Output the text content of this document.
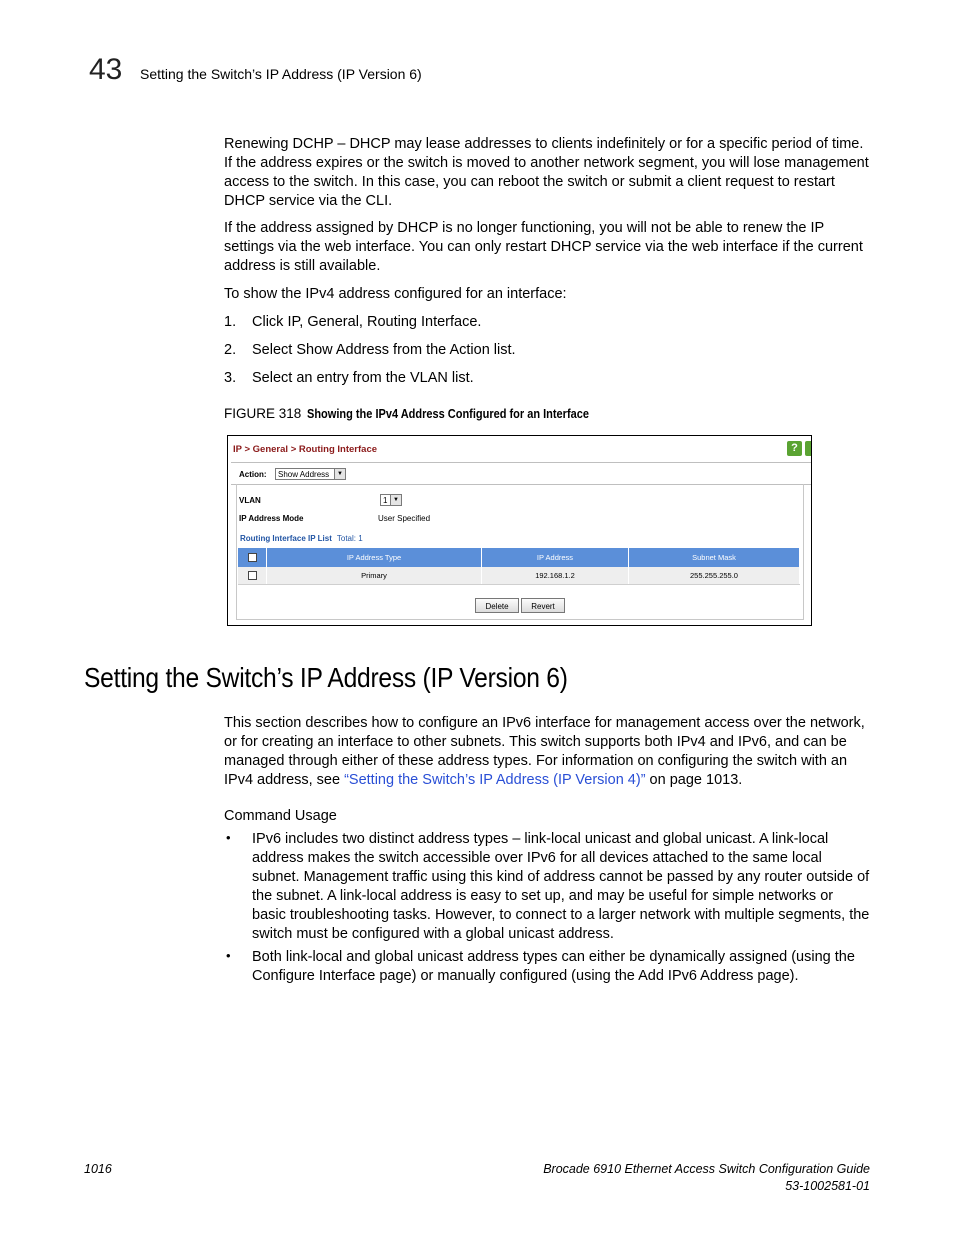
43 Setting the Switch’s IP Address (IP Version 6)

Renewing DCHP – DHCP may lease addresses to clients indefinitely or for a specific period of time. If the address expires or the switch is moved to another network segment, you will lose management access to the switch. In this case, you can reboot the switch or submit a client request to restart DHCP service via the CLI.

If the address assigned by DHCP is no longer functioning, you will not be able to renew the IP settings via the web interface. You can only restart DHCP service via the web interface if the current address is still available.

To show the IPv4 address configured for an interface:

1. Click IP, General, Routing Interface.
2. Select Show Address from the Action list.
3. Select an entry from the VLAN list.
FIGURE 318 Showing the IPv4 Address Configured for an Interface
IP > General > Routing Interface	?
Action:	Show Address	▼
VLAN	1 ▼
IP Address Mode	User Specified
Routing Interface IP List Total: 1
	IP Address Type	IP Address	Subnet Mask
	Primary	192.168.1.2	255.255.255.0
Delete	Revert
Setting the Switch’s IP Address (IP Version 6)

This section describes how to configure an IPv6 interface for management access over the network, or for creating an interface to other subnets. This switch supports both IPv4 and IPv6, and can be managed through either of these address types. For information on configuring the switch with an IPv4 address, see “Setting the Switch’s IP Address (IP Version 4)” on page 1013.

Command Usage
• IPv6 includes two distinct address types – link-local unicast and global unicast. A link-local address makes the switch accessible over IPv6 for all devices attached to the same local subnet. Management traffic using this kind of address cannot be passed by any router outside of the subnet. A link-local address is easy to set up, and may be useful for simple networks or basic troubleshooting tasks. However, to connect to a larger network with multiple segments, the switch must be configured with a global unicast address.

• Both link-local and global unicast address types can either be dynamically assigned (using the Configure Interface page) or manually configured (using the Add IPv6 Address page).

1016	Brocade 6910 Ethernet Access Switch Configuration Guide
53-1002581-01
